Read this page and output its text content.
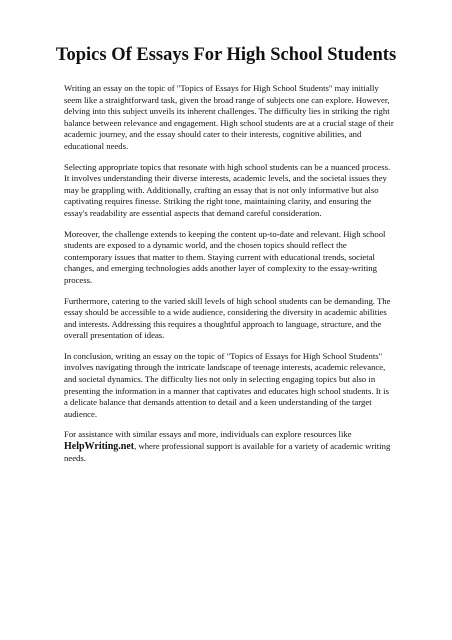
Topics Of Essays For High School Students

Writing an essay on the topic of "Topics of Essays for High School Students" may initially seem like a straightforward task, given the broad range of subjects one can explore. However, delving into this subject unveils its inherent challenges. The difficulty lies in striking the right balance between relevance and engagement. High school students are at a crucial stage of their academic journey, and the essay should cater to their interests, cognitive abilities, and educational needs.

Selecting appropriate topics that resonate with high school students can be a nuanced process. It involves understanding their diverse interests, academic levels, and the societal issues they may be grappling with. Additionally, crafting an essay that is not only informative but also captivating requires finesse. Striking the right tone, maintaining clarity, and ensuring the essay's readability are essential aspects that demand careful consideration.

Moreover, the challenge extends to keeping the content up-to-date and relevant. High school students are exposed to a dynamic world, and the chosen topics should reflect the contemporary issues that matter to them. Staying current with educational trends, societal changes, and emerging technologies adds another layer of complexity to the essay-writing process.

Furthermore, catering to the varied skill levels of high school students can be demanding. The essay should be accessible to a wide audience, considering the diversity in academic abilities and interests. Addressing this requires a thoughtful approach to language, structure, and the overall presentation of ideas.

In conclusion, writing an essay on the topic of "Topics of Essays for High School Students" involves navigating through the intricate landscape of teenage interests, academic relevance, and societal dynamics. The difficulty lies not only in selecting engaging topics but also in presenting the information in a manner that captivates and educates high school students. It is a delicate balance that demands attention to detail and a keen understanding of the target audience.

For assistance with similar essays and more, individuals can explore resources like HelpWriting.net, where professional support is available for a variety of academic writing needs.
